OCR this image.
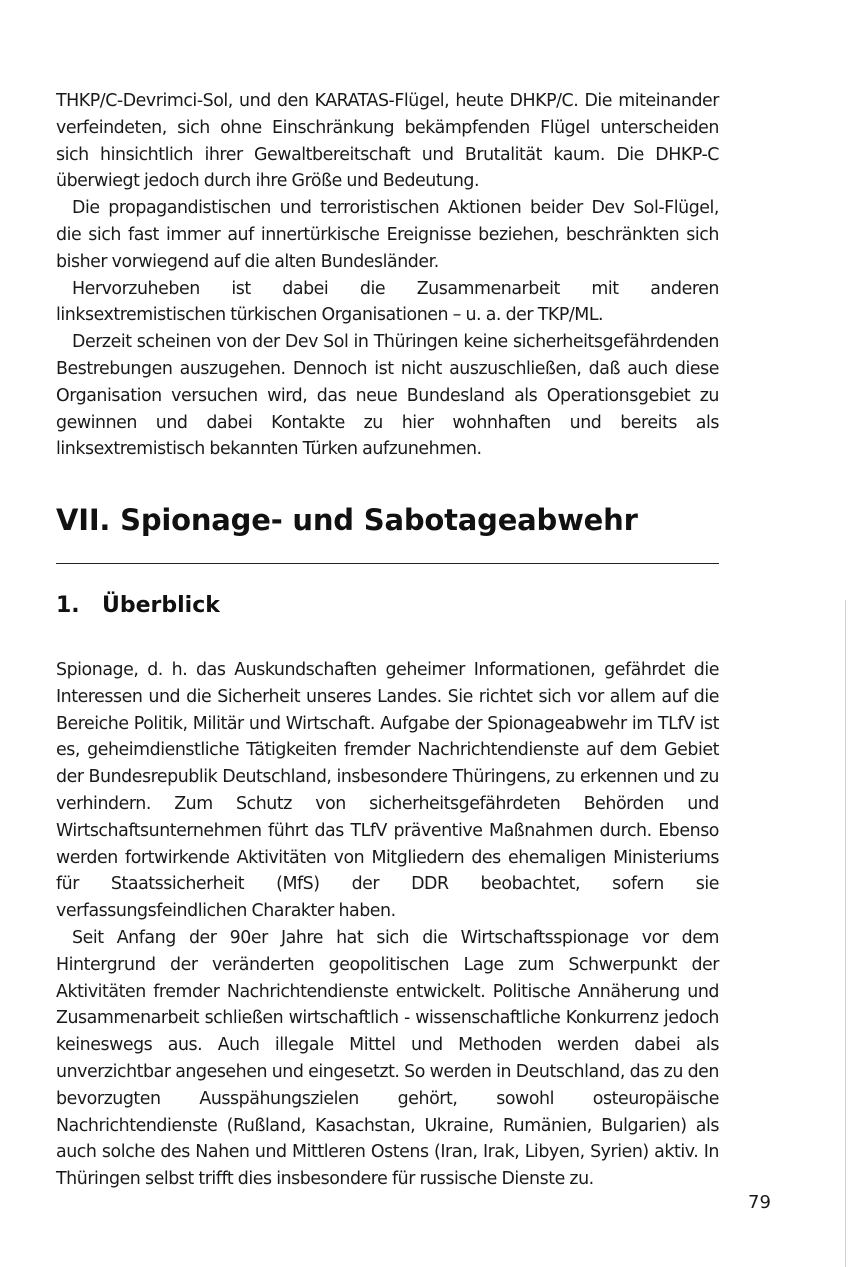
THKP/C-Devrimci-Sol, und den KARATAS-Flügel, heute DHKP/C. Die miteinander verfeindeten, sich ohne Einschränkung bekämpfenden Flügel unterscheiden sich hinsichtlich ihrer Gewaltbereitschaft und Brutalität kaum. Die DHKP-C überwiegt jedoch durch ihre Größe und Bedeutung.

Die propagandistischen und terroristischen Aktionen beider Dev Sol-Flügel, die sich fast immer auf innertürkische Ereignisse beziehen, beschränkten sich bisher vorwiegend auf die alten Bundesländer.

Hervorzuheben ist dabei die Zusammenarbeit mit anderen linksextremistischen türkischen Organisationen – u. a. der TKP/ML.

Derzeit scheinen von der Dev Sol in Thüringen keine sicherheitsgefährdenden Bestrebungen auszugehen. Dennoch ist nicht auszuschließen, daß auch diese Organisation versuchen wird, das neue Bundesland als Operationsgebiet zu gewinnen und dabei Kontakte zu hier wohnhaften und bereits als linksextremistisch bekannten Türken aufzunehmen.

VII. Spionage- und Sabotageabwehr
1. Überblick

Spionage, d. h. das Auskundschaften geheimer Informationen, gefährdet die Interessen und die Sicherheit unseres Landes. Sie richtet sich vor allem auf die Bereiche Politik, Militär und Wirtschaft. Aufgabe der Spionageabwehr im TLfV ist es, geheimdienstliche Tätigkeiten fremder Nachrichtendienste auf dem Gebiet der Bundesrepublik Deutschland, insbesondere Thüringens, zu erkennen und zu verhindern. Zum Schutz von sicherheitsgefährdeten Behörden und Wirtschaftsunternehmen führt das TLfV präventive Maßnahmen durch. Ebenso werden fortwirkende Aktivitäten von Mitgliedern des ehemaligen Ministeriums für Staatssicherheit (MfS) der DDR beobachtet, sofern sie verfassungsfeindlichen Charakter haben.

Seit Anfang der 90er Jahre hat sich die Wirtschaftsspionage vor dem Hintergrund der veränderten geopolitischen Lage zum Schwerpunkt der Aktivitäten fremder Nachrichtendienste entwickelt. Politische Annäherung und Zusammenarbeit schließen wirtschaftlich - wissenschaftliche Konkurrenz jedoch keineswegs aus. Auch illegale Mittel und Methoden werden dabei als unverzichtbar angesehen und eingesetzt. So werden in Deutschland, das zu den bevorzugten Ausspähungszielen gehört, sowohl osteuropäische Nachrichtendienste (Rußland, Kasachstan, Ukraine, Rumänien, Bulgarien) als auch solche des Nahen und Mittleren Ostens (Iran, Irak, Libyen, Syrien) aktiv. In Thüringen selbst trifft dies insbesondere für russische Dienste zu.

79
